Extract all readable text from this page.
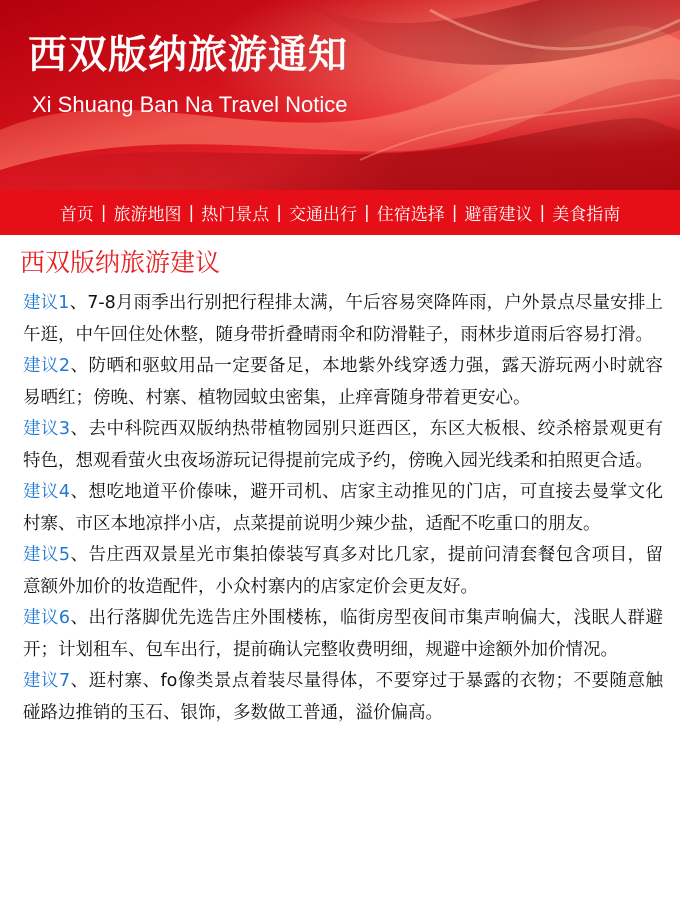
西双版纳旅游通知

Xi Shuang Ban Na Travel Notice

首页 | 旅游地图 | 热门景点 | 交通出行 | 住宿选择 | 避雷建议 | 美食指南
西双版纳旅游建议

建议1、7-8月雨季出行别把行程排太满，午后容易突降阵雨，户外景点尽量安排上午逛，中午回住处休整，随身带折叠晴雨伞和防滑鞋子，雨林步道雨后容易打滑。

建议2、防晒和驱蚊用品一定要备足，本地紫外线穿透力强，露天游玩两小时就容易晒红；傍晚、村寨、植物园蚊虫密集，止痒膏随身带着更安心。

建议3、去中科院西双版纳热带植物园别只逛西区，东区大板根、绞杀榕景观更有特色，想观看萤火虫夜场游玩记得提前完成予约，傍晚入园光线柔和拍照更合适。

建议4、想吃地道平价傣味，避开司机、店家主动推见的门店，可直接去曼掌文化村寨、市区本地凉拌小店，点菜提前说明少辣少盐，适配不吃重口的朋友。

建议5、告庄西双景星光市集拍傣装写真多对比几家，提前问清套餐包含项目，留意额外加价的妆造配件，小众村寨内的店家定价会更友好。

建议6、出行落脚优先选告庄外围楼栋，临街房型夜间市集声响偏大，浅眠人群避开；计划租车、包车出行，提前确认完整收费明细，规避中途额外加价情况。

建议7、逛村寨、fo像类景点着装尽量得体，不要穿过于暴露的衣物；不要随意触碰路边推销的玉石、银饰，多数做工普通，溢价偏高。
